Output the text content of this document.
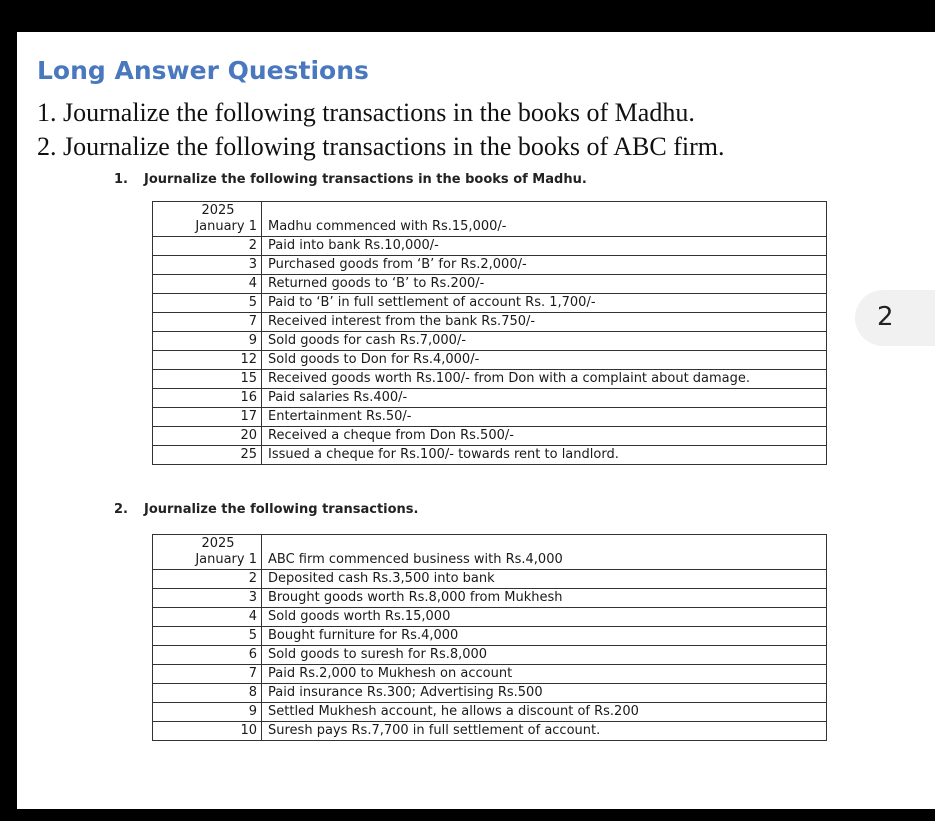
Long Answer Questions

1. Journalize the following transactions in the books of Madhu.

2. Journalize the following transactions in the books of ABC firm.

1. Journalize the following transactions in the books of Madhu.

2025
January 1	Madhu commenced with Rs.15,000/-
2	Paid into bank Rs.10,000/-
3	Purchased goods from ‘B’ for Rs.2,000/-
4	Returned goods to ‘B’ to Rs.200/-
5	Paid to ‘B’ in full settlement of account Rs. 1,700/-
7	Received interest from the bank Rs.750/-
9	Sold goods for cash Rs.7,000/-
12	Sold goods to Don for Rs.4,000/-
15	Received goods worth Rs.100/- from Don with a complaint about damage.
16	Paid salaries Rs.400/-
17	Entertainment Rs.50/-
20	Received a cheque from Don Rs.500/-
25	Issued a cheque for Rs.100/- towards rent to landlord.

2. Journalize the following transactions.

2025
January 1	ABC firm commenced business with Rs.4,000
2	Deposited cash Rs.3,500 into bank
3	Brought goods worth Rs.8,000 from Mukhesh
4	Sold goods worth Rs.15,000
5	Bought furniture for Rs.4,000
6	Sold goods to suresh for Rs.8,000
7	Paid Rs.2,000 to Mukhesh on account
8	Paid insurance Rs.300; Advertising Rs.500
9	Settled Mukhesh account, he allows a discount of Rs.200
10	Suresh pays Rs.7,700 in full settlement of account.
2
